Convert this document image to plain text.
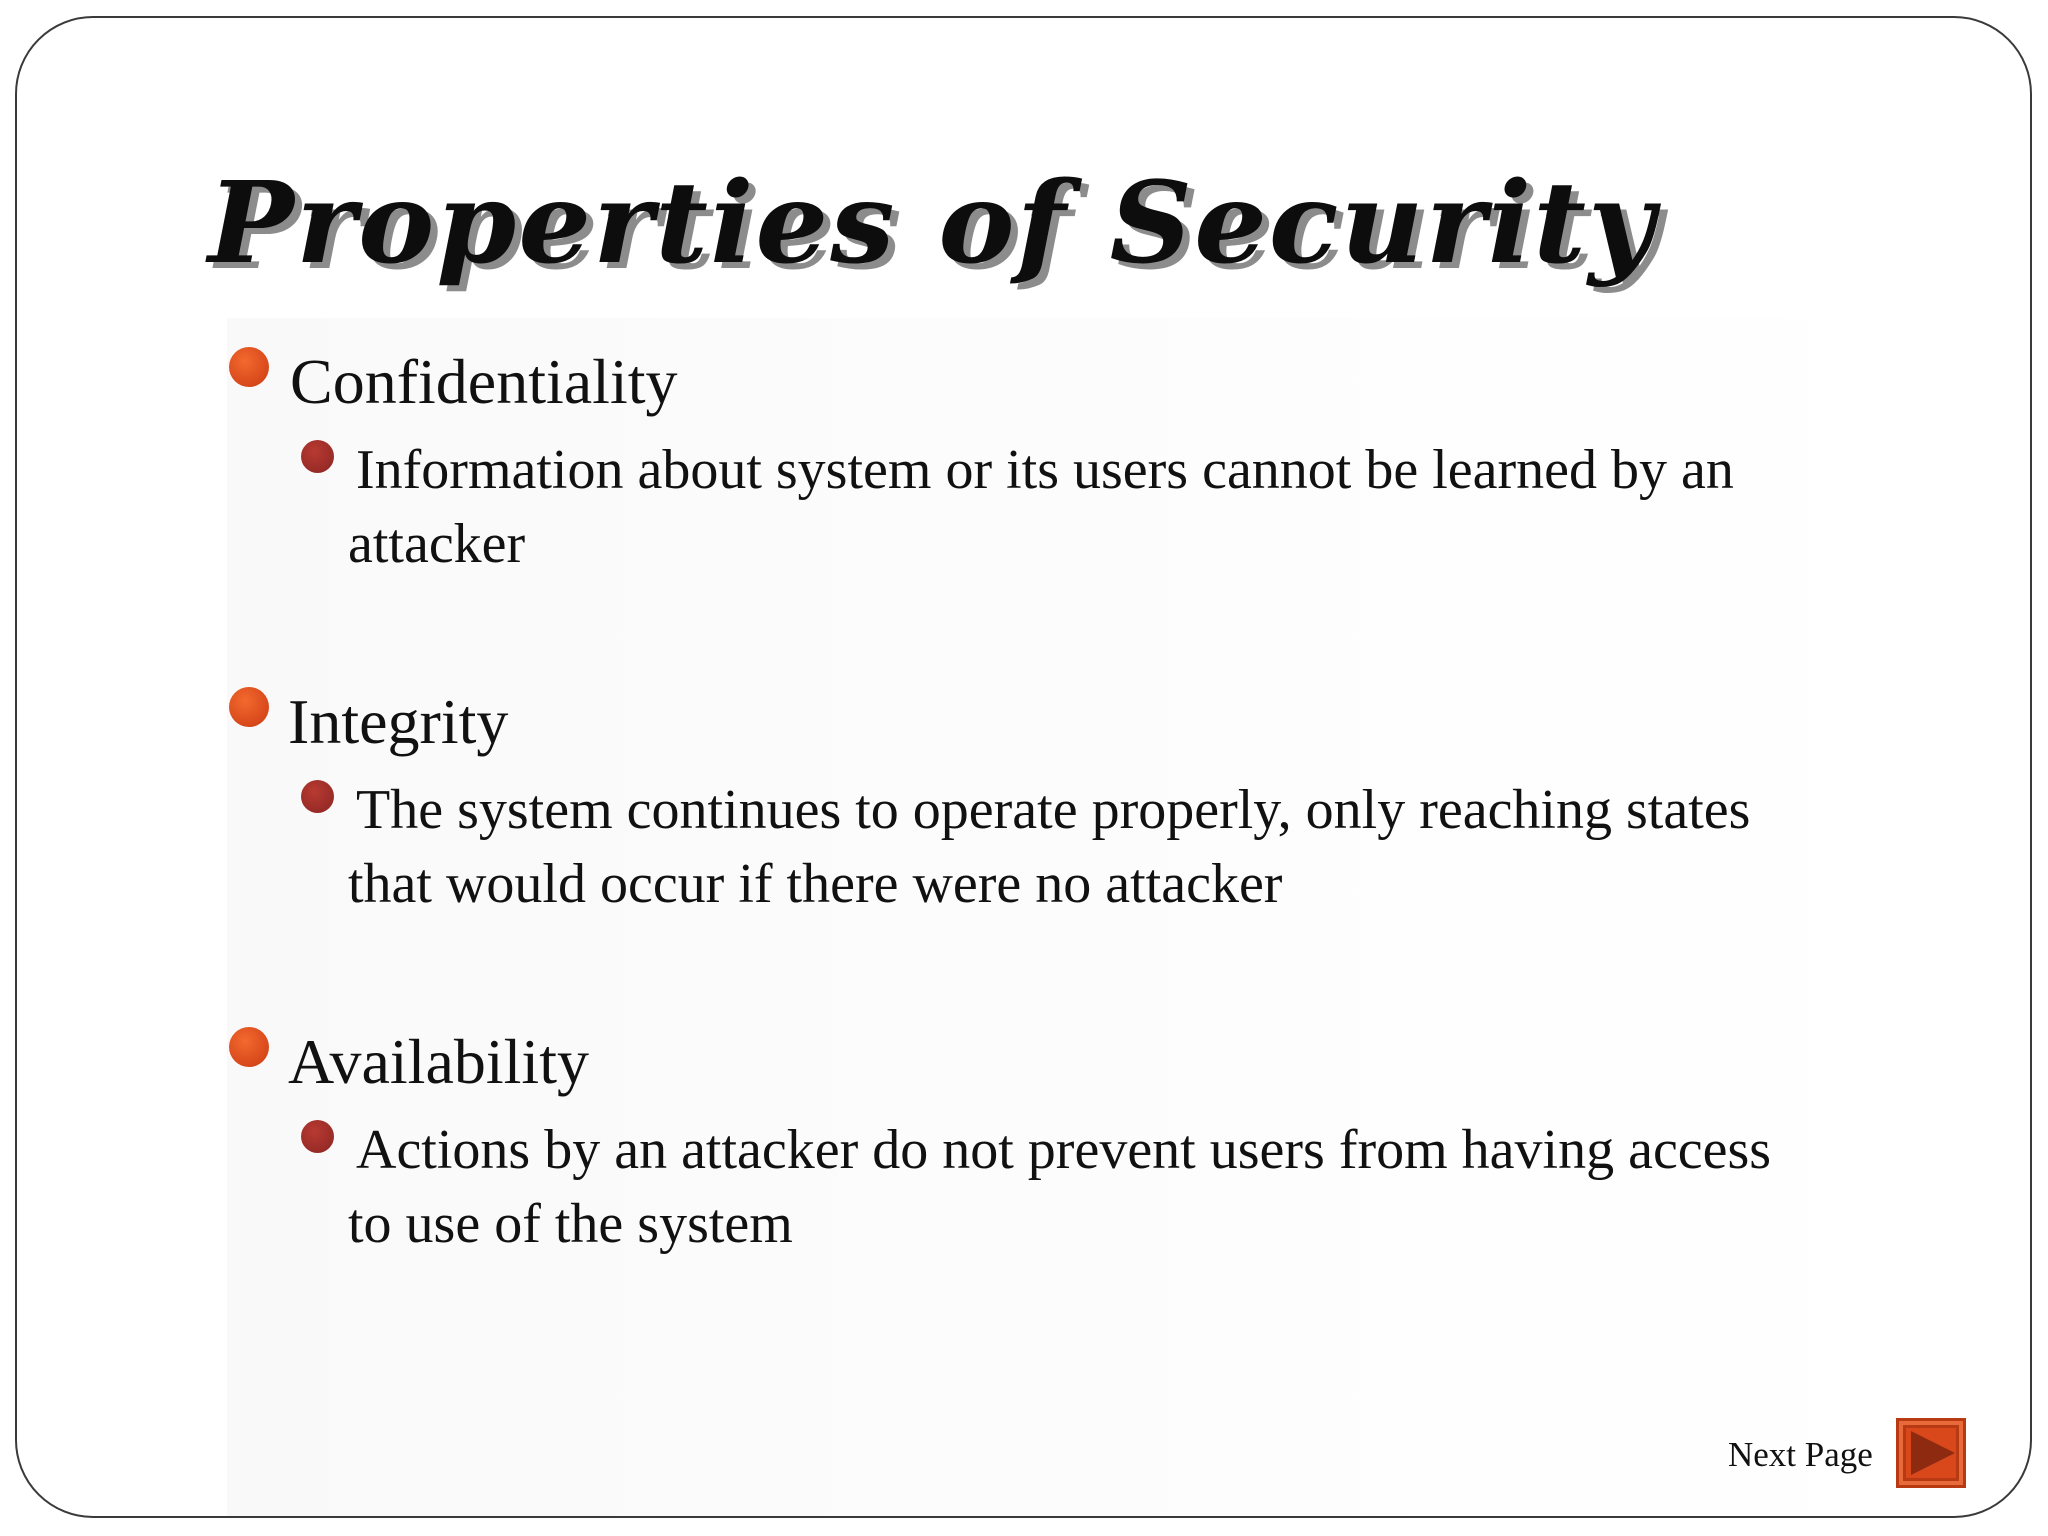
Properties of Security
Confidentiality
Information about system or its users cannot be learned by an
attacker
Integrity
The system continues to operate properly, only reaching states
that would occur if there were no attacker
Availability
Actions by an attacker do not prevent users from having access
to use of the system
Next Page
